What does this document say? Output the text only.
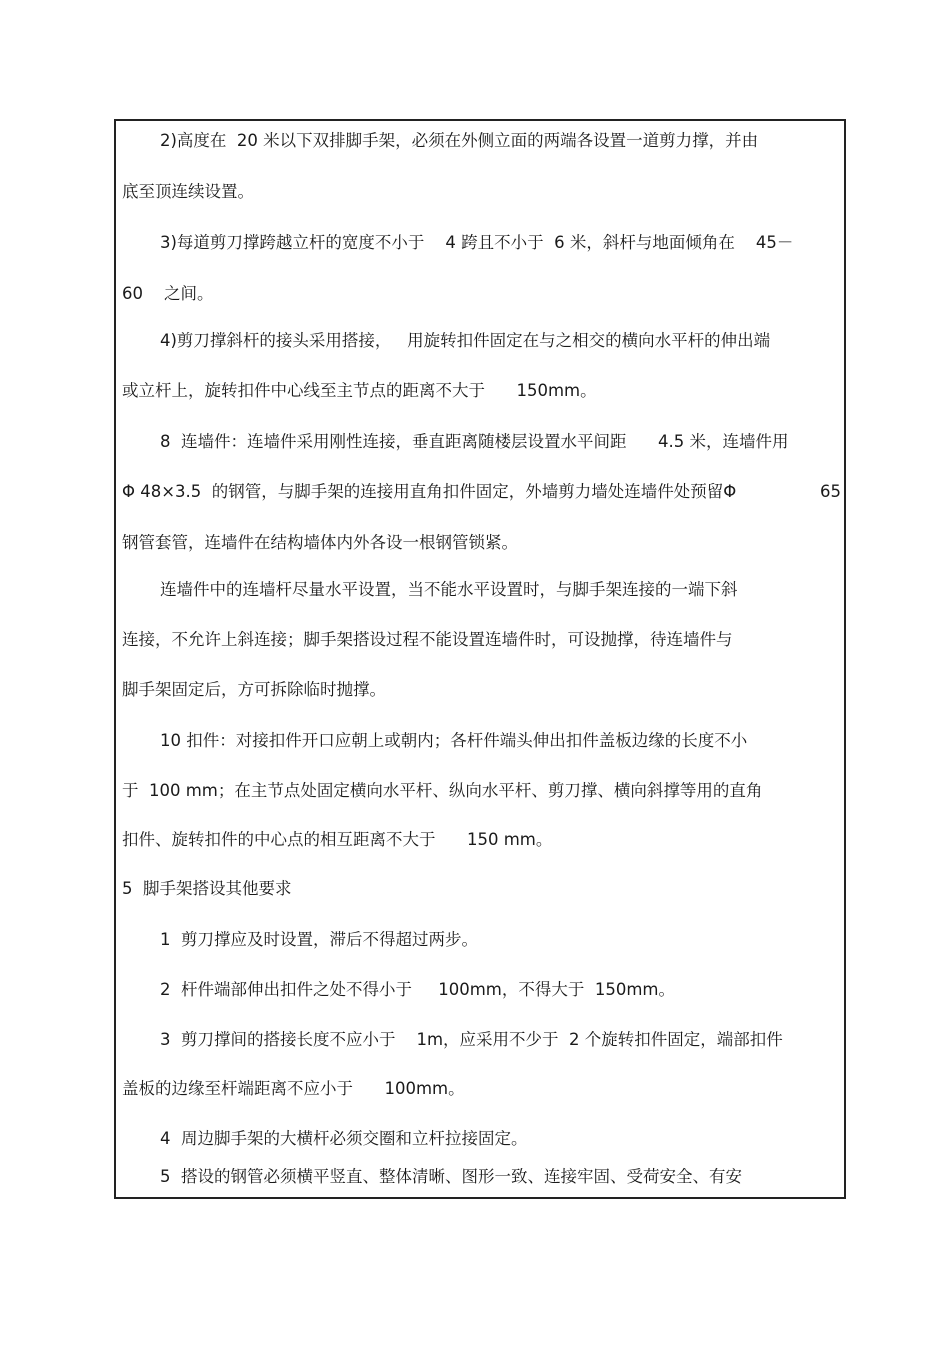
2)高度在  20 米以下双排脚手架，必须在外侧立面的两端各设置一道剪力撑，并由
底至顶连续设置。
3)每道剪刀撑跨越立杆的宽度不小于    4 跨且不小于  6 米，斜杆与地面倾角在    45－
60    之间。
4)剪刀撑斜杆的接头采用搭接，   用旋转扣件固定在与之相交的横向水平杆的伸出端
或立杆上，旋转扣件中心线至主节点的距离不大于      150mm。
8  连墙件：连墙件采用刚性连接，垂直距离随楼层设置水平间距      4.5 米，连墙件用
Φ 48×3.5  的钢管，与脚手架的连接用直角扣件固定，外墙剪力墙处连墙件处预留Φ	65
钢管套管，连墙件在结构墙体内外各设一根钢管锁紧。
连墙件中的连墙杆尽量水平设置，当不能水平设置时，与脚手架连接的一端下斜
连接，不允许上斜连接；脚手架搭设过程不能设置连墙件时，可设抛撑，待连墙件与
脚手架固定后，方可拆除临时抛撑。
10 扣件：对接扣件开口应朝上或朝内；各杆件端头伸出扣件盖板边缘的长度不小
于  100 mm；在主节点处固定横向水平杆、纵向水平杆、剪刀撑、横向斜撑等用的直角
扣件、旋转扣件的中心点的相互距离不大于      150 mm。
5  脚手架搭设其他要求
1  剪刀撑应及时设置，滞后不得超过两步。
2  杆件端部伸出扣件之处不得小于     100mm，不得大于  150mm。
3  剪刀撑间的搭接长度不应小于    1m，应采用不少于  2 个旋转扣件固定，端部扣件
盖板的边缘至杆端距离不应小于      100mm。
4  周边脚手架的大横杆必须交圈和立杆拉接固定。
5  搭设的钢管必须横平竖直、整体清晰、图形一致、连接牢固、受荷安全、有安
